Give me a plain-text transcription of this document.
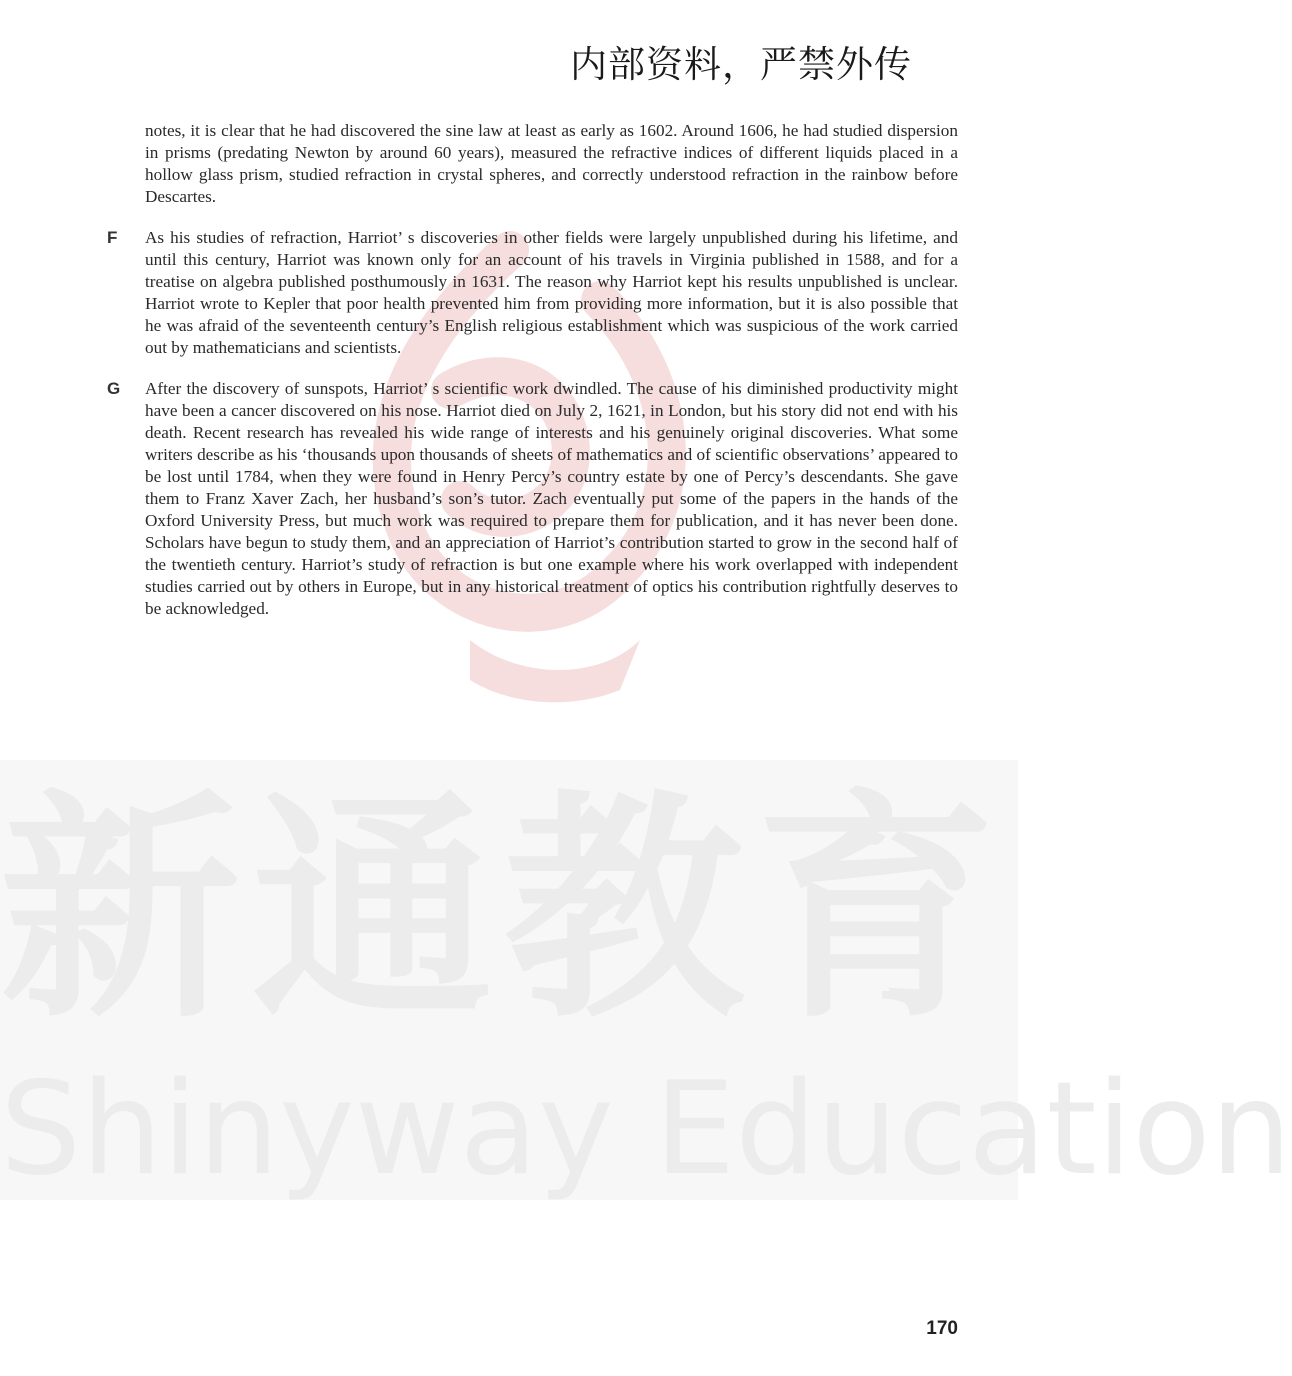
新通教育
Shinyway Education
内部资料，严禁外传

notes, it is clear that he had discovered the sine law at least as early as 1602. Around 1606, he had studied dispersion in prisms (predating Newton by around 60 years), measured the refractive indices of different liquids placed in a hollow glass prism, studied refraction in crystal spheres, and correctly understood refraction in the rainbow before Descartes.

F As his studies of refraction, Harriot’ s discoveries in other fields were largely unpublished during his lifetime, and until this century, Harriot was known only for an account of his travels in Virginia published in 1588, and for a treatise on algebra published posthumously in 1631. The reason why Harriot kept his results unpublished is unclear. Harriot wrote to Kepler that poor health prevented him from providing more information, but it is also possible that he was afraid of the seventeenth century’s English religious establishment which was suspicious of the work carried out by mathematicians and scientists.

G After the discovery of sunspots, Harriot’ s scientific work dwindled. The cause of his diminished productivity might have been a cancer discovered on his nose. Harriot died on July 2, 1621, in London, but his story did not end with his death. Recent research has revealed his wide range of interests and his genuinely original discoveries. What some writers describe as his ‘thousands upon thousands of sheets of mathematics and of scientific observations’ appeared to be lost until 1784, when they were found in Henry Percy’s country estate by one of Percy’s descendants. She gave them to Franz Xaver Zach, her husband’s son’s tutor. Zach eventually put some of the papers in the hands of the Oxford University Press, but much work was required to prepare them for publication, and it has never been done. Scholars have begun to study them, and an appreciation of Harriot’s contribution started to grow in the second half of the twentieth century. Harriot’s study of refraction is but one example where his work overlapped with independent studies carried out by others in Europe, but in any historical treatment of optics his contribution rightfully deserves to be acknowledged.

170
